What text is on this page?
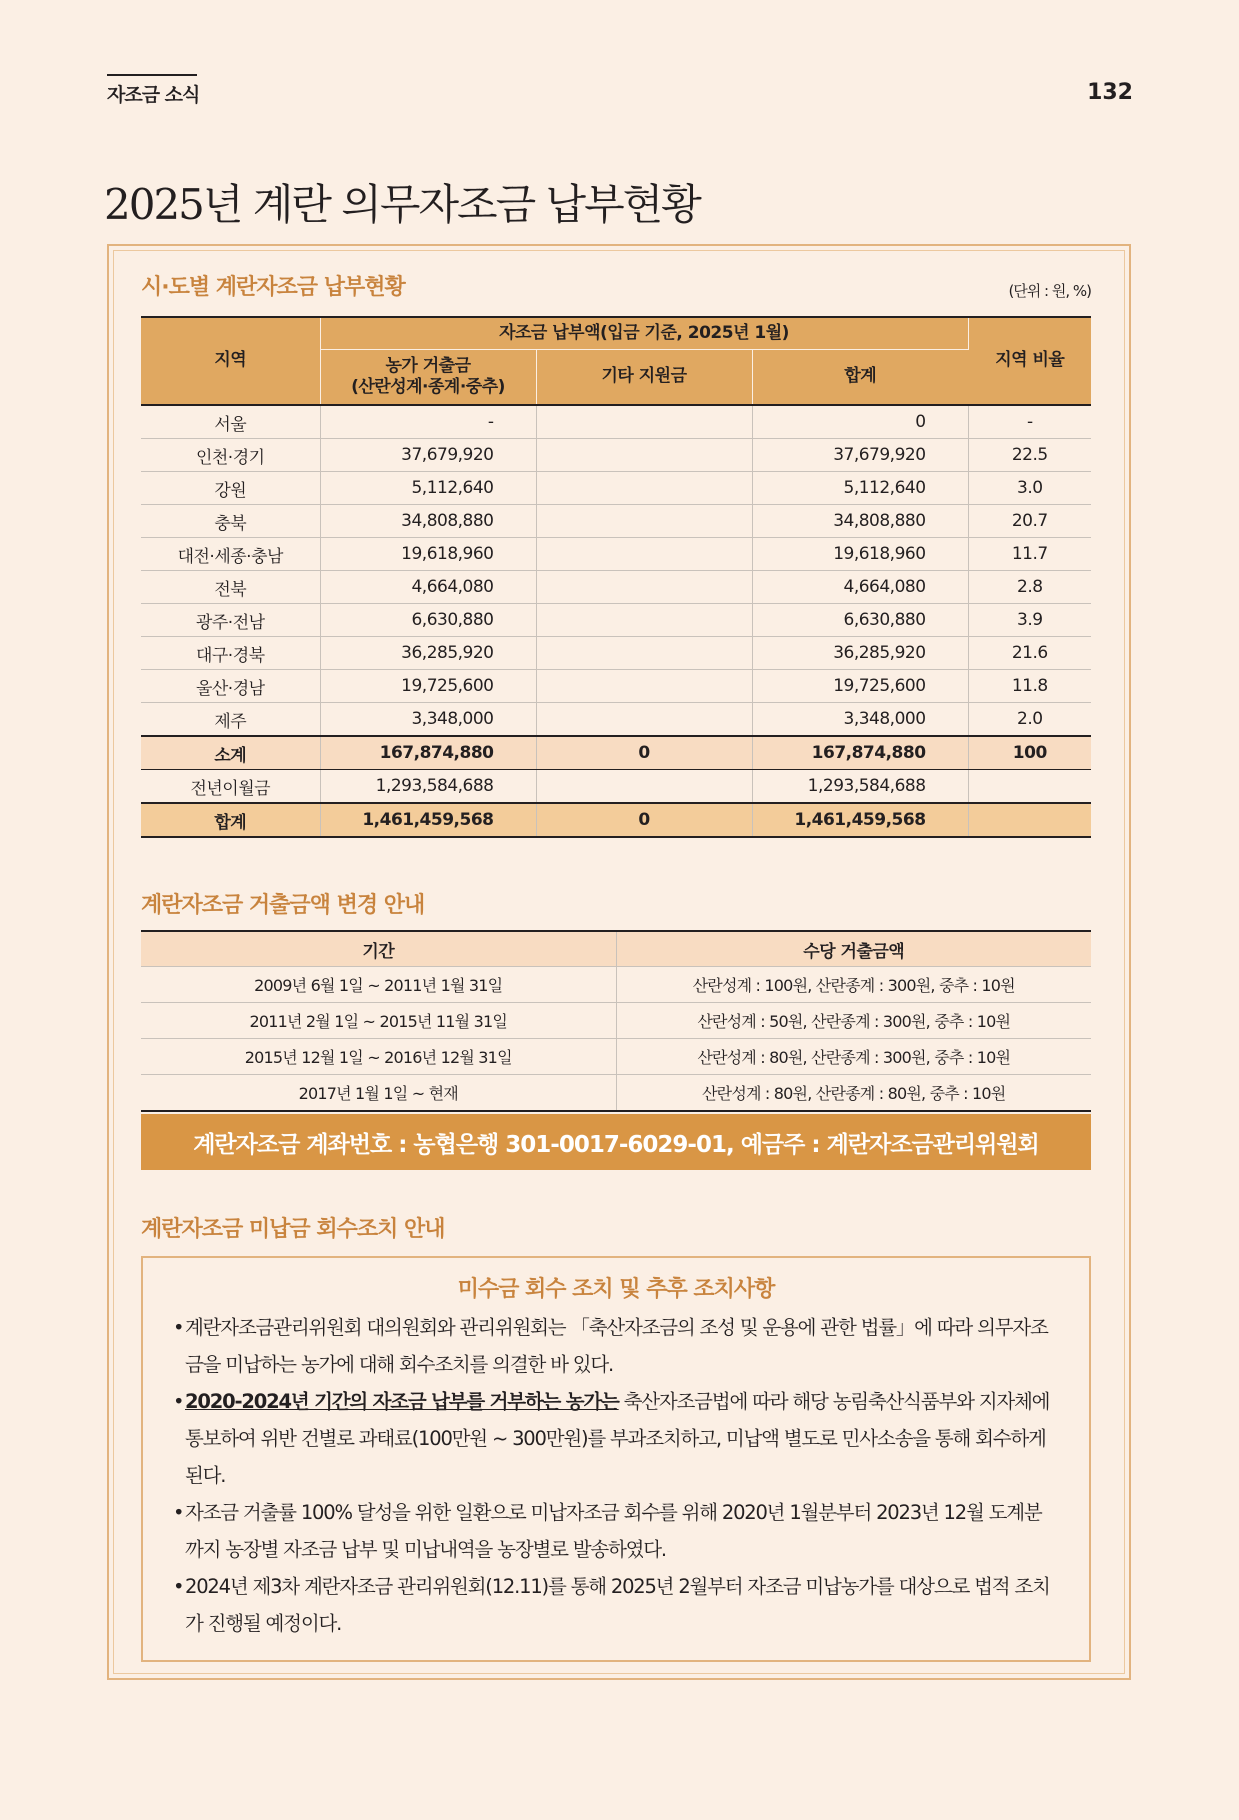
자조금 소식	132
2025년 계란 의무자조금 납부현황
시·도별 계란자조금 납부현황	(단위 : 원, %)
지역	자조금 납부액(입금 기준, 2025년 1월)			지역 비율

	농가 거출금
(산란성계·종계·중추)	기타 지원금	합계	
서울	-		0	-
인천·경기	37,679,920		37,679,920	22.5
강원	5,112,640		5,112,640	3.0
충북	34,808,880		34,808,880	20.7
대전·세종·충남	19,618,960		19,618,960	11.7
전북	4,664,080		4,664,080	2.8
광주·전남	6,630,880		6,630,880	3.9
대구·경북	36,285,920		36,285,920	21.6
울산·경남	19,725,600		19,725,600	11.8
제주	3,348,000		3,348,000	2.0
소계	167,874,880	0	167,874,880	100
전년이월금	1,293,584,688		1,293,584,688	
합계	1,461,459,568	0	1,461,459,568	
계란자조금 거출금액 변경 안내
기간	수당 거출금액
2009년 6월 1일 ~ 2011년 1월 31일	산란성계 : 100원, 산란종계 : 300원, 중추 : 10원
2011년 2월 1일 ~ 2015년 11월 31일	산란성계 : 50원, 산란종계 : 300원, 중추 : 10원
2015년 12월 1일 ~ 2016년 12월 31일	산란성계 : 80원, 산란종계 : 300원, 중추 : 10원
2017년 1월 1일 ~ 현재	산란성계 : 80원, 산란종계 : 80원, 중추 : 10원
계란자조금 계좌번호 : 농협은행 301-0017-6029-01, 예금주 : 계란자조금관리위원회
계란자조금 미납금 회수조치 안내
미수금 회수 조치 및 추후 조치사항
•계란자조금관리위원회 대의원회와 관리위원회는 「축산자조금의 조성 및 운용에 관한 법률」에 따라 의무자조금을 미납하는 농가에 대해 회수조치를 의결한 바 있다.
•2020-2024년 기간의 자조금 납부를 거부하는 농가는 축산자조금법에 따라 해당 농림축산식품부와 지자체에 통보하여 위반 건별로 과태료(100만원 ~ 300만원)를 부과조치하고, 미납액 별도로 민사소송을 통해 회수하게 된다.
•자조금 거출률 100% 달성을 위한 일환으로 미납자조금 회수를 위해 2020년 1월분부터 2023년 12월 도계분까지 농장별 자조금 납부 및 미납내역을 농장별로 발송하였다.
•2024년 제3차 계란자조금 관리위원회(12.11)를 통해 2025년 2월부터 자조금 미납농가를 대상으로 법적 조치가 진행될 예정이다.
